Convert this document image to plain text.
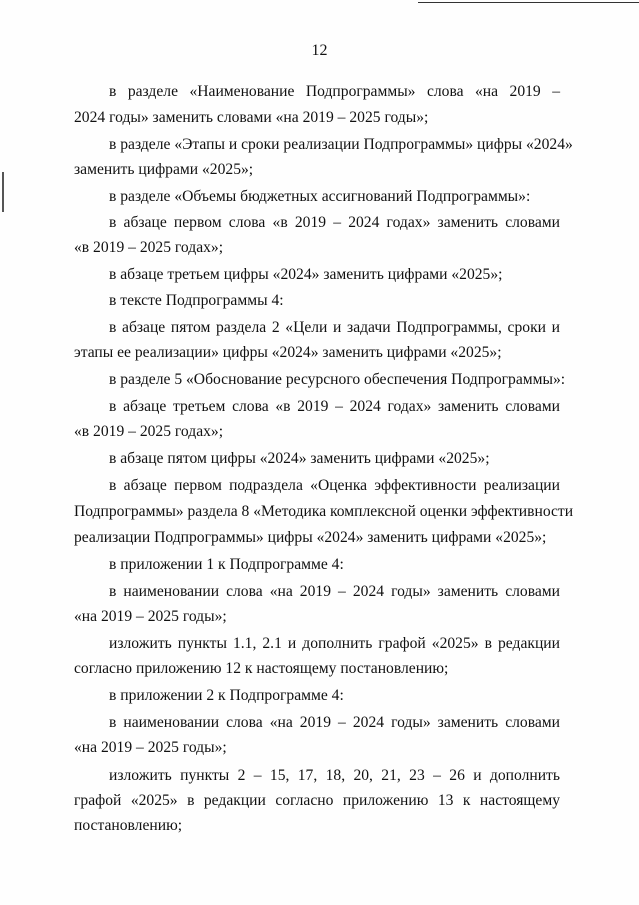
12
в разделе «Наименование Подпрограммы» слова «на 2019 –
2024 годы» заменить словами «на 2019 – 2025 годы»;
в разделе «Этапы и сроки реализации Подпрограммы» цифры «2024»
заменить цифрами «2025»;
в разделе «Объемы бюджетных ассигнований Подпрограммы»:
в абзаце первом слова «в 2019 – 2024 годах» заменить словами
«в 2019 – 2025 годах»;
в абзаце третьем цифры «2024» заменить цифрами «2025»;
в тексте Подпрограммы 4:
в абзаце пятом раздела 2 «Цели и задачи Подпрограммы, сроки и
этапы ее реализации» цифры «2024» заменить цифрами «2025»;
в разделе 5 «Обоснование ресурсного обеспечения Подпрограммы»:
в абзаце третьем слова «в 2019 – 2024 годах» заменить словами
«в 2019 – 2025 годах»;
в абзаце пятом цифры «2024» заменить цифрами «2025»;
в абзаце первом подраздела «Оценка эффективности реализации
Подпрограммы» раздела 8 «Методика комплексной оценки эффективности
реализации Подпрограммы» цифры «2024» заменить цифрами «2025»;
в приложении 1 к Подпрограмме 4:
в наименовании слова «на 2019 – 2024 годы» заменить словами
«на 2019 – 2025 годы»;
изложить пункты 1.1, 2.1 и дополнить графой «2025» в редакции
согласно приложению 12 к настоящему постановлению;
в приложении 2 к Подпрограмме 4:
в наименовании слова «на 2019 – 2024 годы» заменить словами
«на 2019 – 2025 годы»;
изложить пункты 2 – 15, 17, 18, 20, 21, 23 – 26 и дополнить
графой «2025» в редакции согласно приложению 13 к настоящему
постановлению;
